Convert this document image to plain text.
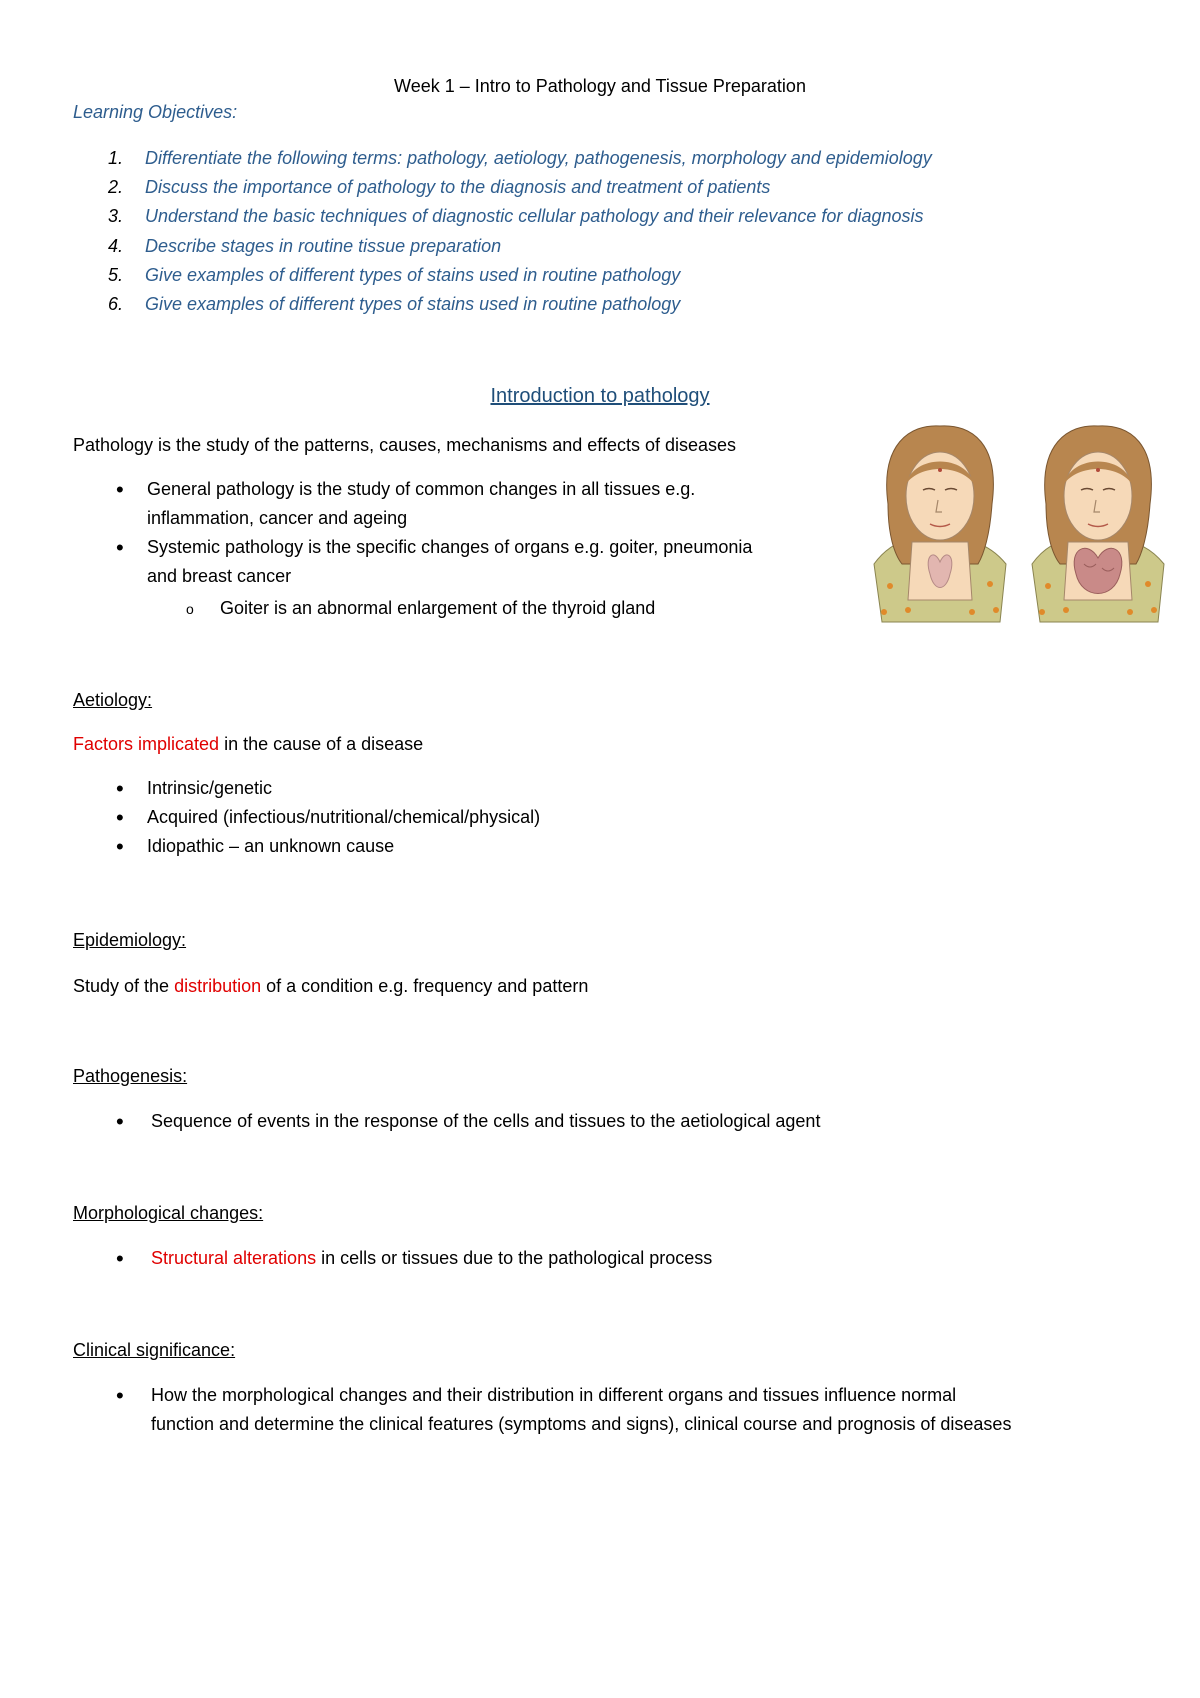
Week 1 – Intro to Pathology and Tissue Preparation
Learning Objectives:
1.	Differentiate the following terms: pathology, aetiology, pathogenesis, morphology and epidemiology
2.	Discuss the importance of pathology to the diagnosis and treatment of patients
3.	Understand the basic techniques of diagnostic cellular pathology and their relevance for diagnosis
4.	Describe stages in routine tissue preparation
5.	Give examples of different types of stains used in routine pathology
6.	Give examples of different types of stains used in routine pathology
Introduction to pathology
Pathology is the study of the patterns, causes, mechanisms and effects of diseases
• General pathology is the study of common changes in all tissues e.g.
inflammation, cancer and ageing
• Systemic pathology is the specific changes of organs e.g. goiter, pneumonia
and breast cancer
o Goiter is an abnormal enlargement of the thyroid gland
Aetiology:
Factors implicated in the cause of a disease
• Intrinsic/genetic
• Acquired (infectious/nutritional/chemical/physical)
• Idiopathic – an unknown cause
Epidemiology:
Study of the distribution of a condition e.g. frequency and pattern
Pathogenesis:
• Sequence of events in the response of the cells and tissues to the aetiological agent
Morphological changes:
• Structural alterations in cells or tissues due to the pathological process
Clinical significance:
• How the morphological changes and their distribution in different organs and tissues influence normal
function and determine the clinical features (symptoms and signs), clinical course and prognosis of diseases
